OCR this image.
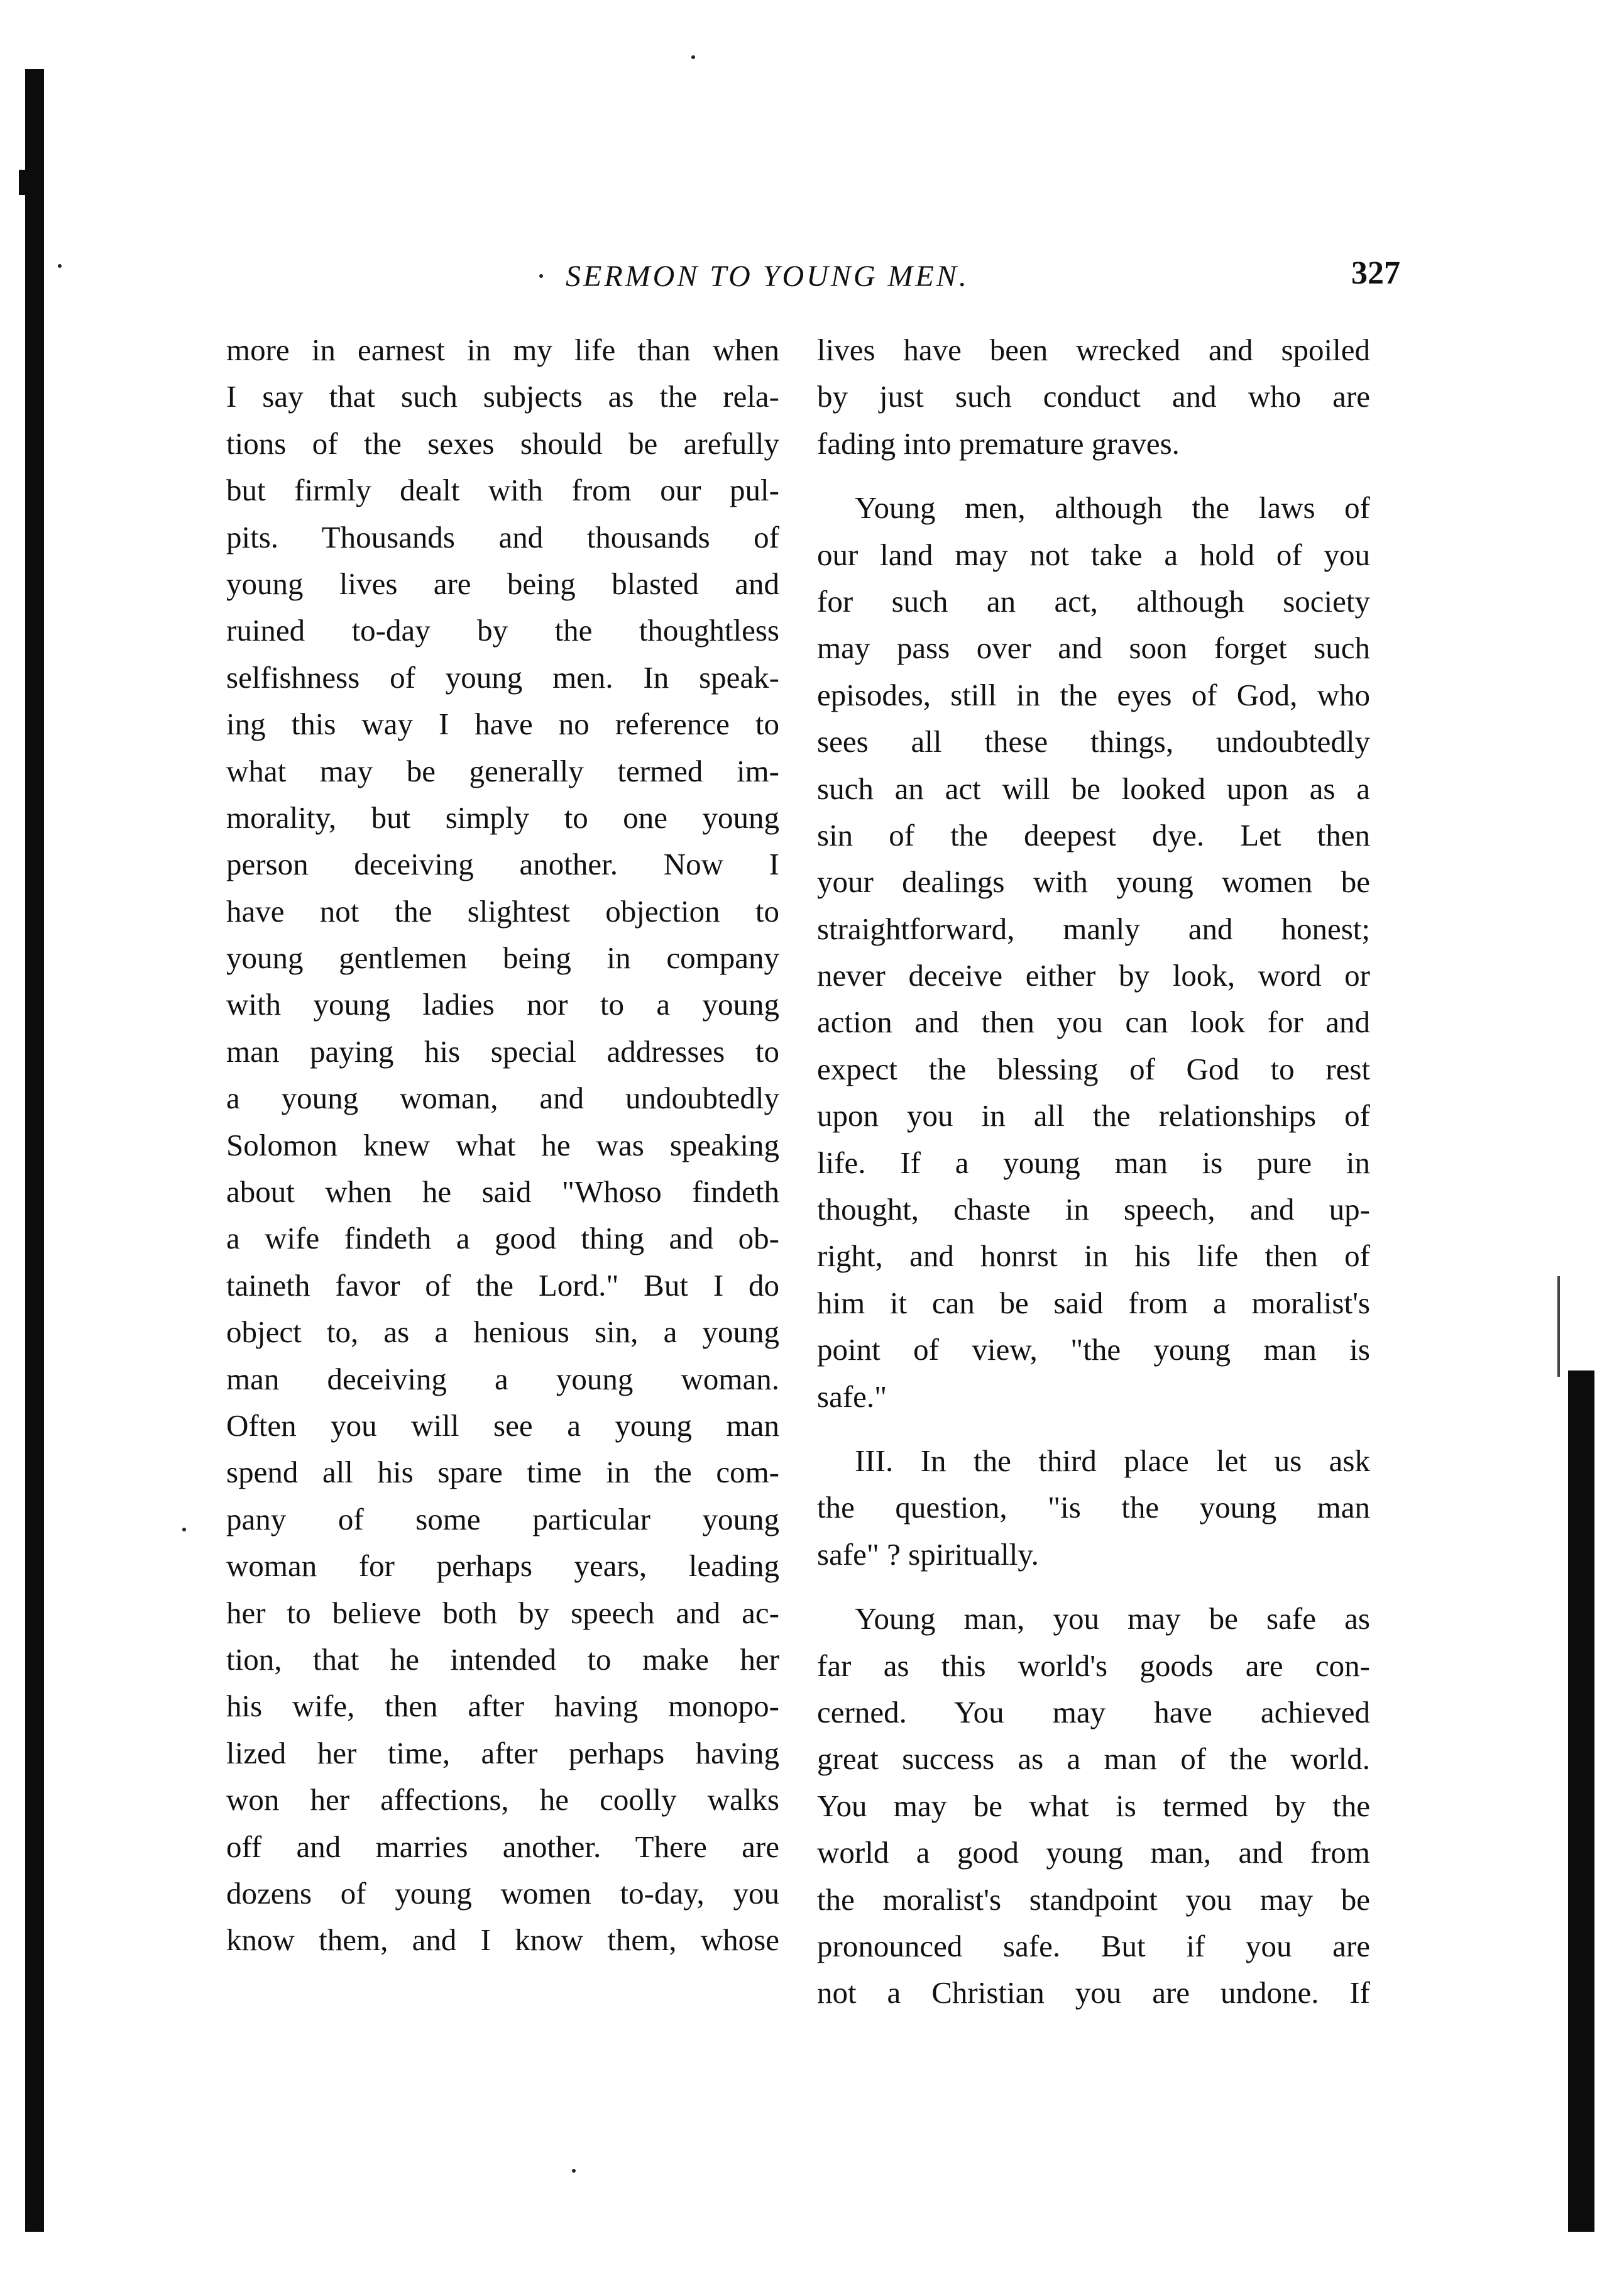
SERMON TO YOUNG MEN.	327
more in earnest in my life than when
I say that such subjects as the rela-
tions of the sexes should be arefully
but firmly dealt with from our pul-
pits. Thousands and thousands of
young lives are being blasted and
ruined to-day by the thoughtless
selfishness of young men. In speak-
ing this way I have no reference to
what may be generally termed im-
morality, but simply to one young
person deceiving another. Now I
have not the slightest objection to
young gentlemen being in company
with young ladies nor to a young
man paying his special addresses to
a young woman, and undoubtedly
Solomon knew what he was speaking
about when he said "Whoso findeth
a wife findeth a good thing and ob-
taineth favor of the Lord." But I do
object to, as a henious sin, a young
man deceiving a young woman.
Often you will see a young man
spend all his spare time in the com-
pany of some particular young
woman for perhaps years, leading
her to believe both by speech and ac-
tion, that he intended to make her
his wife, then after having monopo-
lized her time, after perhaps having
won her affections, he coolly walks
off and marries another. There are
dozens of young women to-day, you
know them, and I know them, whose
lives have been wrecked and spoiled
by just such conduct and who are
fading into premature graves.
Young men, although the laws of
our land may not take a hold of you
for such an act, although society
may pass over and soon forget such
episodes, still in the eyes of God, who
sees all these things, undoubtedly
such an act will be looked upon as a
sin of the deepest dye. Let then
your dealings with young women be
straightforward, manly and honest;
never deceive either by look, word or
action and then you can look for and
expect the blessing of God to rest
upon you in all the relationships of
life. If a young man is pure in
thought, chaste in speech, and up-
right, and honrst in his life then of
him it can be said from a moralist's
point of view, "the young man is
safe."
III. In the third place let us ask
the question, "is the young man
safe" ? spiritually.
Young man, you may be safe as
far as this world's goods are con-
cerned. You may have achieved
great success as a man of the world.
You may be what is termed by the
world a good young man, and from
the moralist's standpoint you may be
pronounced safe. But if you are
not a Christian you are undone. If
